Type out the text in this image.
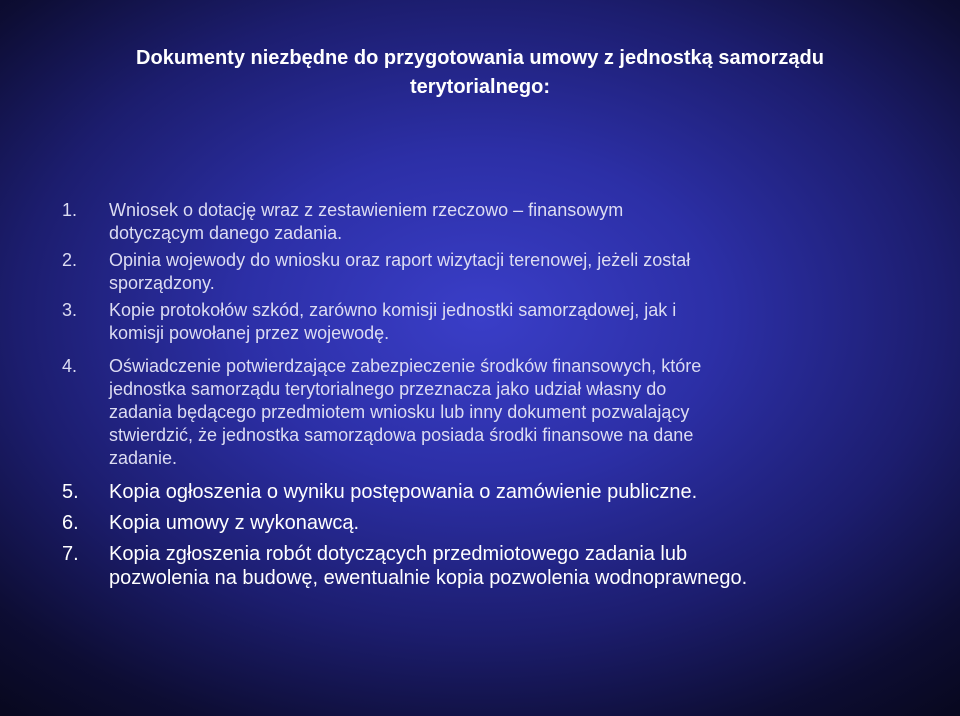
Dokumenty niezbędne do przygotowania umowy z jednostką samorządu
terytorialnego:
1.	Wniosek o dotację wraz z zestawieniem rzeczowo – finansowym
dotyczącym danego zadania.
2.	Opinia wojewody do wniosku oraz raport wizytacji terenowej, jeżeli został
sporządzony.
3.	Kopie protokołów szkód, zarówno komisji jednostki samorządowej, jak i
komisji powołanej przez wojewodę.
4.	Oświadczenie potwierdzające zabezpieczenie środków finansowych, które
jednostka samorządu terytorialnego przeznacza jako udział własny do
zadania będącego przedmiotem wniosku lub inny dokument pozwalający
stwierdzić, że jednostka samorządowa posiada środki finansowe na dane
zadanie.
5.	Kopia ogłoszenia o wyniku postępowania o zamówienie publiczne.
6.	Kopia umowy z wykonawcą.
7.	Kopia zgłoszenia robót dotyczących przedmiotowego zadania lub
pozwolenia na budowę, ewentualnie kopia pozwolenia wodnoprawnego.
